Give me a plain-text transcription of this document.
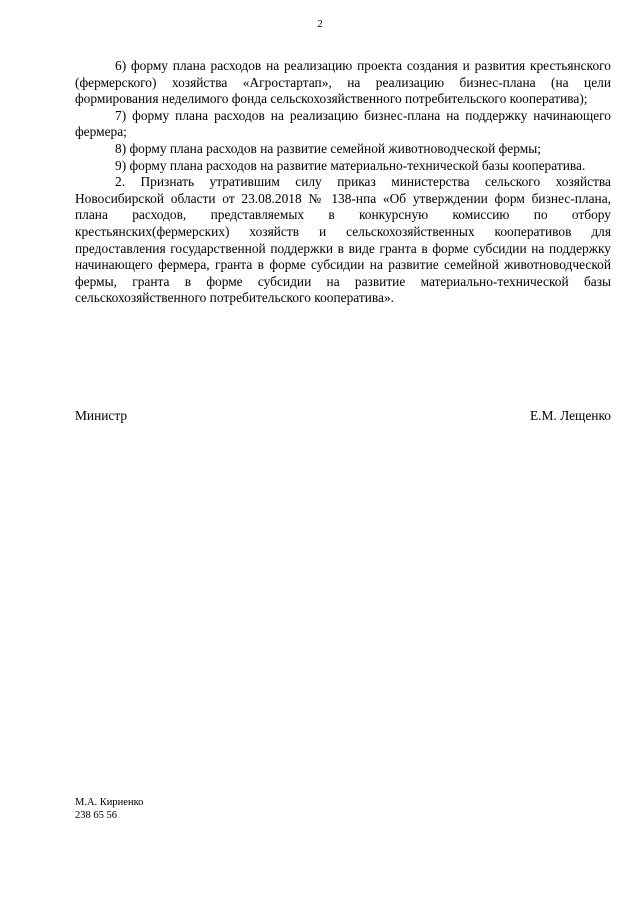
2

6) форму плана расходов на реализацию проекта создания и развития крестьянского (фермерского) хозяйства «Агростартап», на реализацию бизнес-плана (на цели формирования неделимого фонда сельскохозяйственного потребительского кооператива);

7) форму плана расходов на реализацию бизнес-плана на поддержку начинающего фермера;

8) форму плана расходов на развитие семейной животноводческой фермы;

9) форму плана расходов на развитие материально-технической базы кооператива.

2. Признать утратившим силу приказ министерства сельского хозяйства Новосибирской области от 23.08.2018 № 138-нпа «Об утверждении форм бизнес-плана, плана расходов, представляемых в конкурсную комиссию по отбору крестьянских(фермерских) хозяйств и сельскохозяйственных кооперативов для предоставления государственной поддержки в виде гранта в форме субсидии на поддержку начинающего фермера, гранта в форме субсидии на развитие семейной животноводческой фермы, гранта в форме субсидии на развитие материально-технической базы сельскохозяйственного потребительского кооператива».

Министр	Е.М. Лещенко
М.А. Кириенко
238 65 56
